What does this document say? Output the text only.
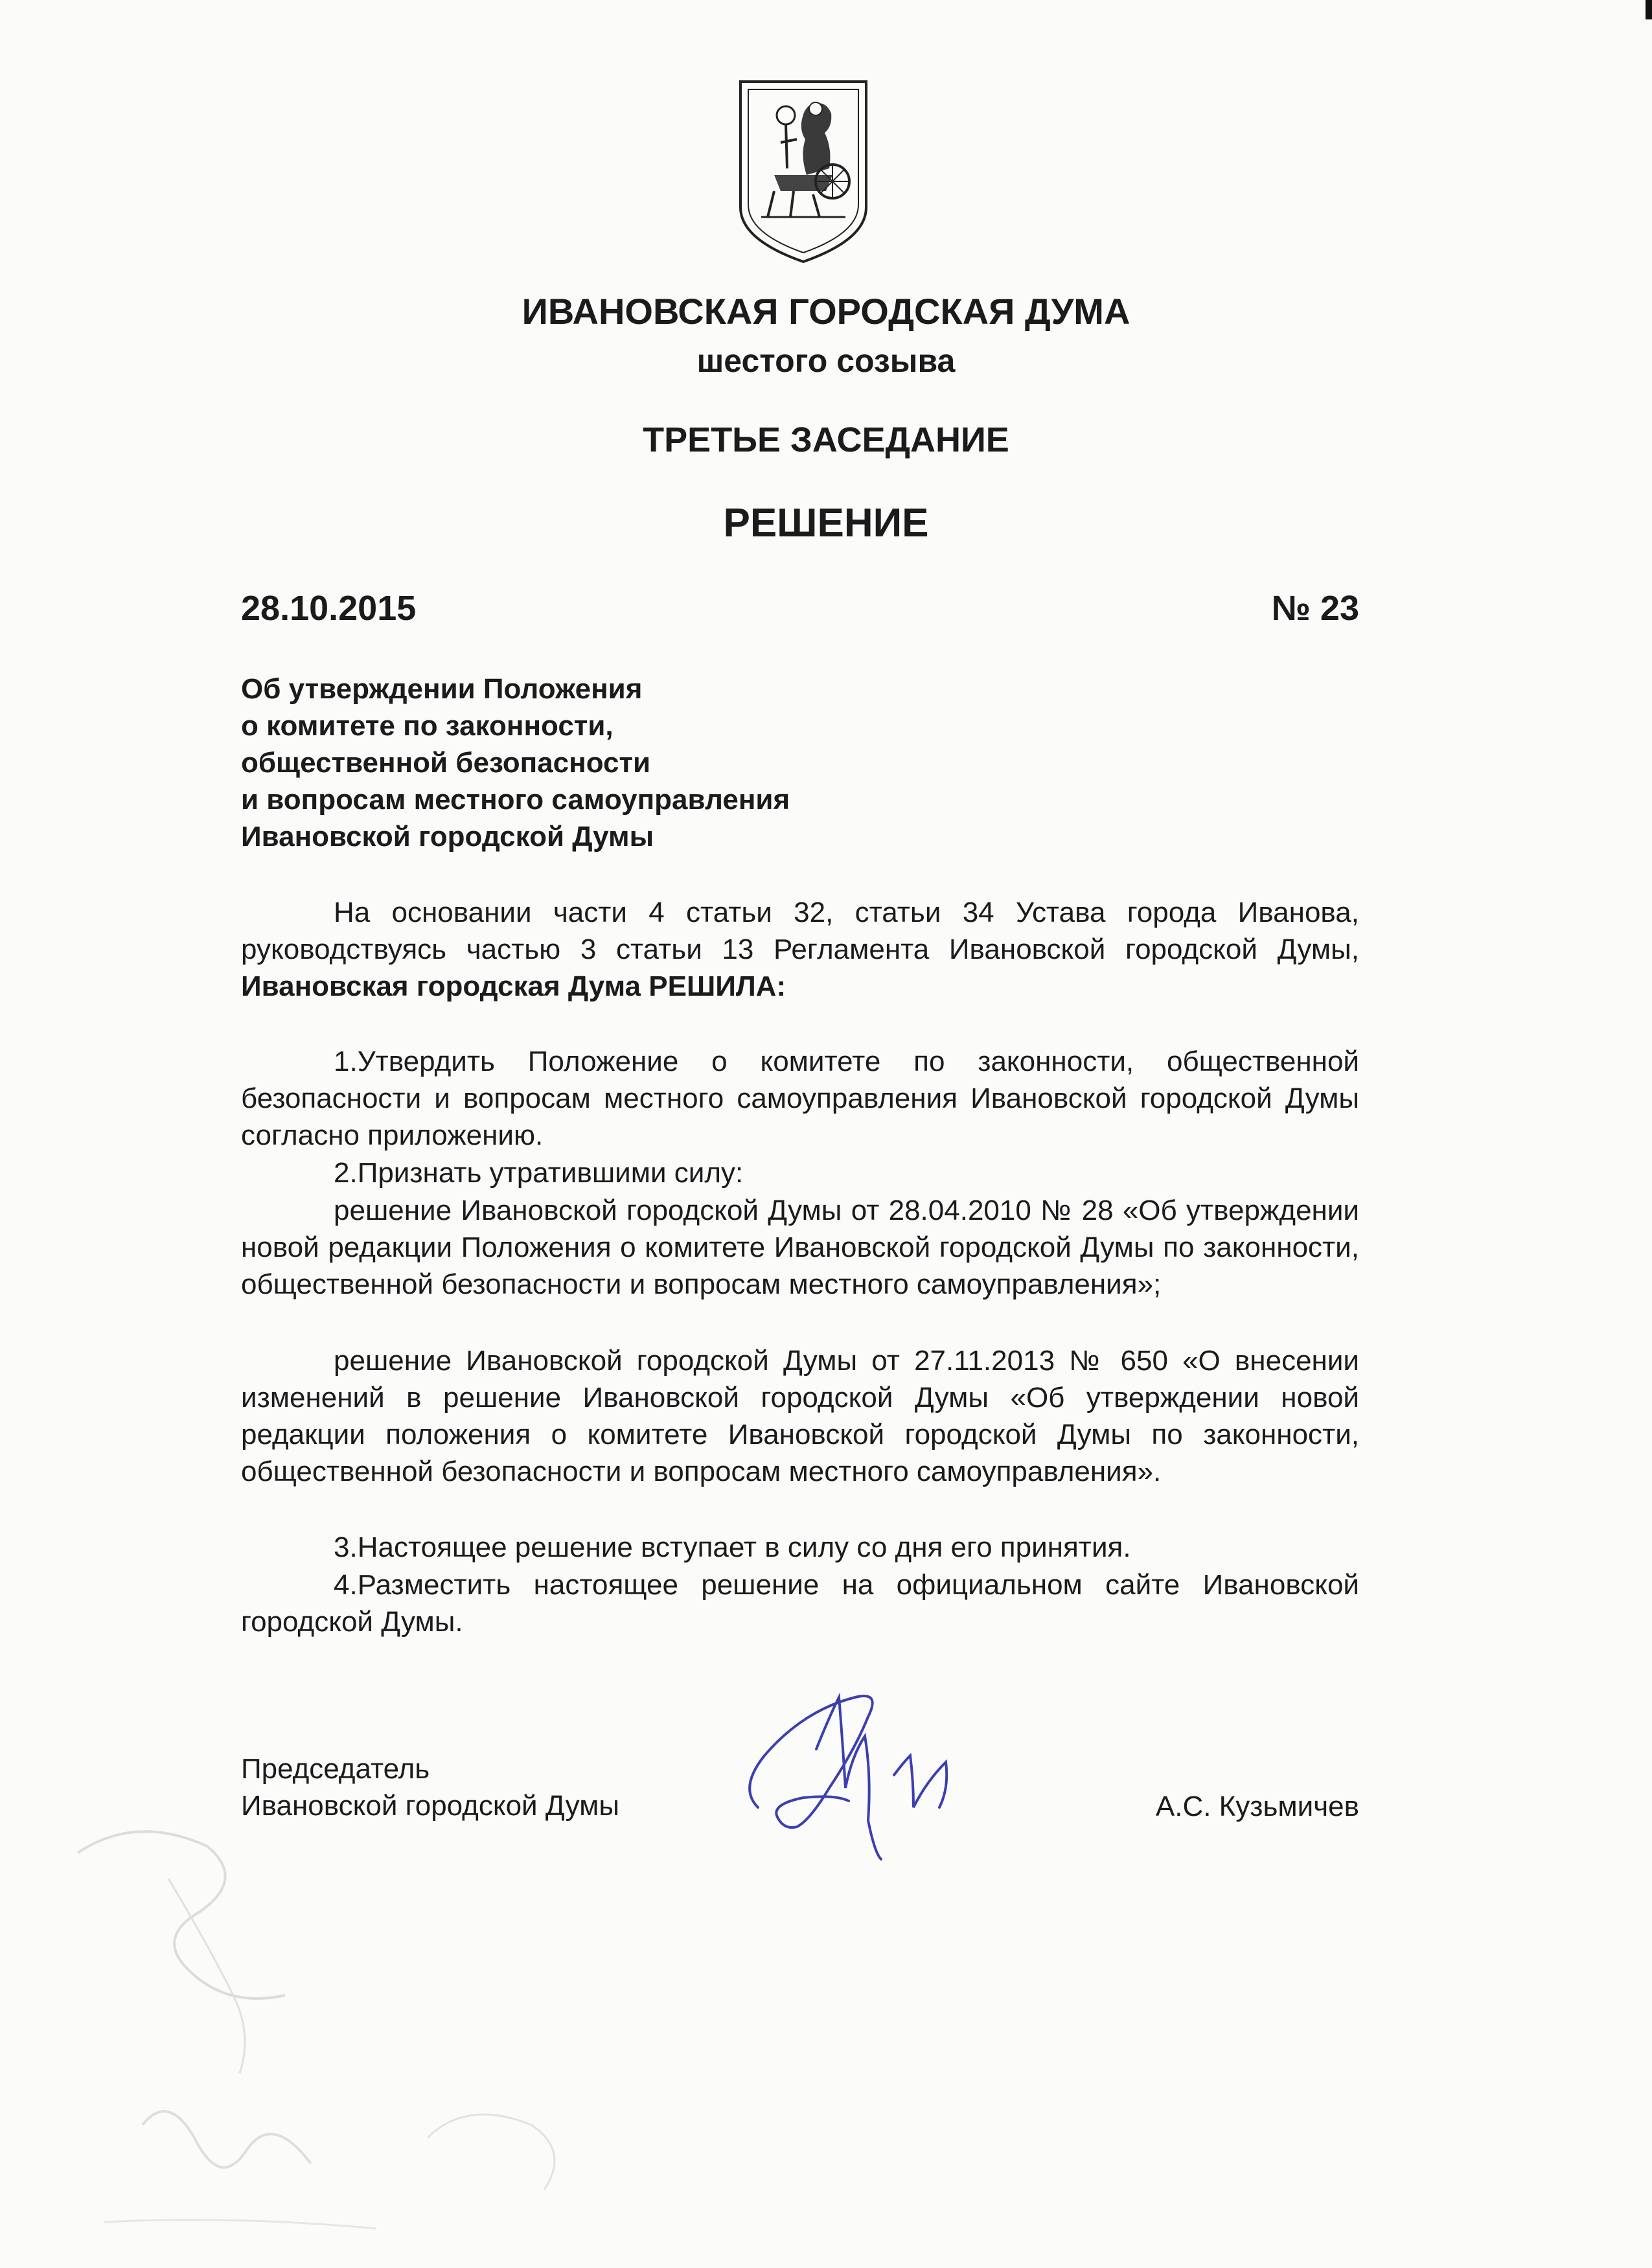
ИВАНОВСКАЯ ГОРОДСКАЯ ДУМА
шестого созыва
ТРЕТЬЕ ЗАСЕДАНИЕ
РЕШЕНИЕ
28.10.2015	№ 23
Об утверждении Положения
о комитете по законности,
общественной безопасности
и вопросам местного самоуправления
Ивановской городской Думы
На основании части 4 статьи 32, статьи 34 Устава города Иванова, руководствуясь частью 3 статьи 13 Регламента Ивановской городской Думы, Ивановская городская Дума РЕШИЛА:
1.Утвердить Положение о комитете по законности, общественной безопасности и вопросам местного самоуправления Ивановской городской Думы согласно приложению.
2.Признать утратившими силу:
решение Ивановской городской Думы от 28.04.2010 № 28 «Об утверждении новой редакции Положения о комитете Ивановской городской Думы по законности, общественной безопасности и вопросам местного самоуправления»;
решение Ивановской городской Думы от 27.11.2013 № 650 «О внесении изменений в решение Ивановской городской Думы «Об утверждении новой редакции положения о комитете Ивановской городской Думы по законности, общественной безопасности и вопросам местного самоуправления».
3.Настоящее решение вступает в силу со дня его принятия.
4.Разместить настоящее решение на официальном сайте Ивановской городской Думы.
Председатель
Ивановской городской Думы	А.С. Кузьмичев
